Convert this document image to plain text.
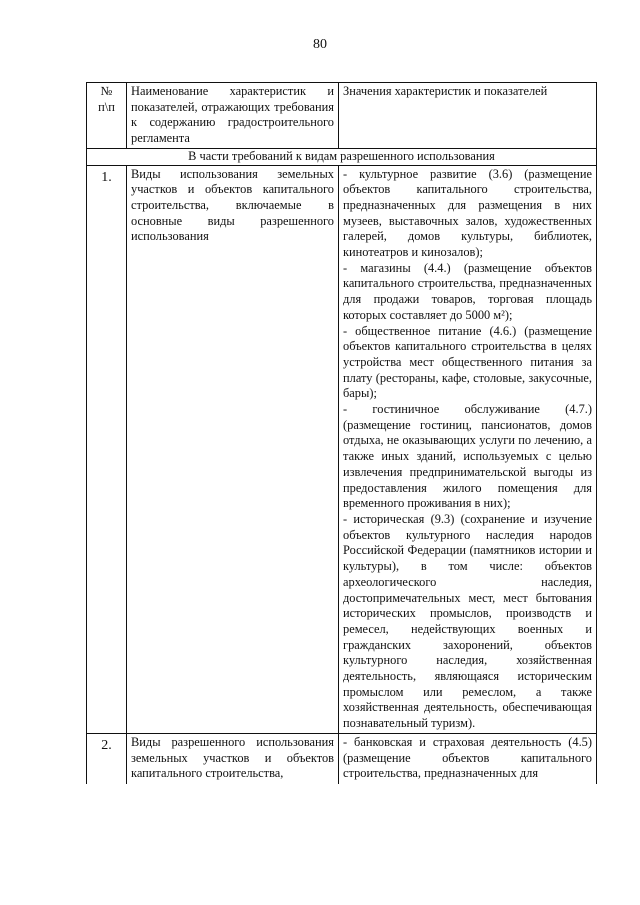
80
№ п\п	Наименование характеристик и показателей, отражающих требования к содержанию градостроительного регламента	Значения характеристик и показателей
В части требований к видам разрешенного использования		
1.	Виды использования земельных участков и объектов капитального строительства, включаемые в основные виды разрешенного использования	- культурное развитие (3.6) (размещение объектов капитального строительства, предназначенных для размещения в них музеев, выставочных залов, художественных галерей, домов культуры, библиотек, кинотеатров и кинозалов);
- магазины (4.4.) (размещение объектов капитального строительства, предназначенных для продажи товаров, торговая площадь которых составляет до 5000 м²);
- общественное питание (4.6.) (размещение объектов капитального строительства в целях устройства мест общественного питания за плату (рестораны, кафе, столовые, закусочные, бары);
- гостиничное обслуживание (4.7.) (размещение гостиниц, пансионатов, домов отдыха, не оказывающих услуги по лечению, а также иных зданий, используемых с целью извлечения предпринимательской выгоды из предоставления жилого помещения для временного проживания в них);
- историческая (9.3) (сохранение и изучение объектов культурного наследия народов Российской Федерации (памятников истории и культуры), в том числе: объектов археологического наследия, достопримечательных мест, мест бытования исторических промыслов, производств и ремесел, недействующих военных и гражданских захоронений, объектов культурного наследия, хозяйственная деятельность, являющаяся историческим промыслом или ремеслом, а также хозяйственная деятельность, обеспечивающая познавательный туризм).

2.	Виды разрешенного использования земельных участков и объектов капитального строительства,	- банковская и страховая деятельность (4.5)(размещение объектов капитального строительства, предназначенных для
